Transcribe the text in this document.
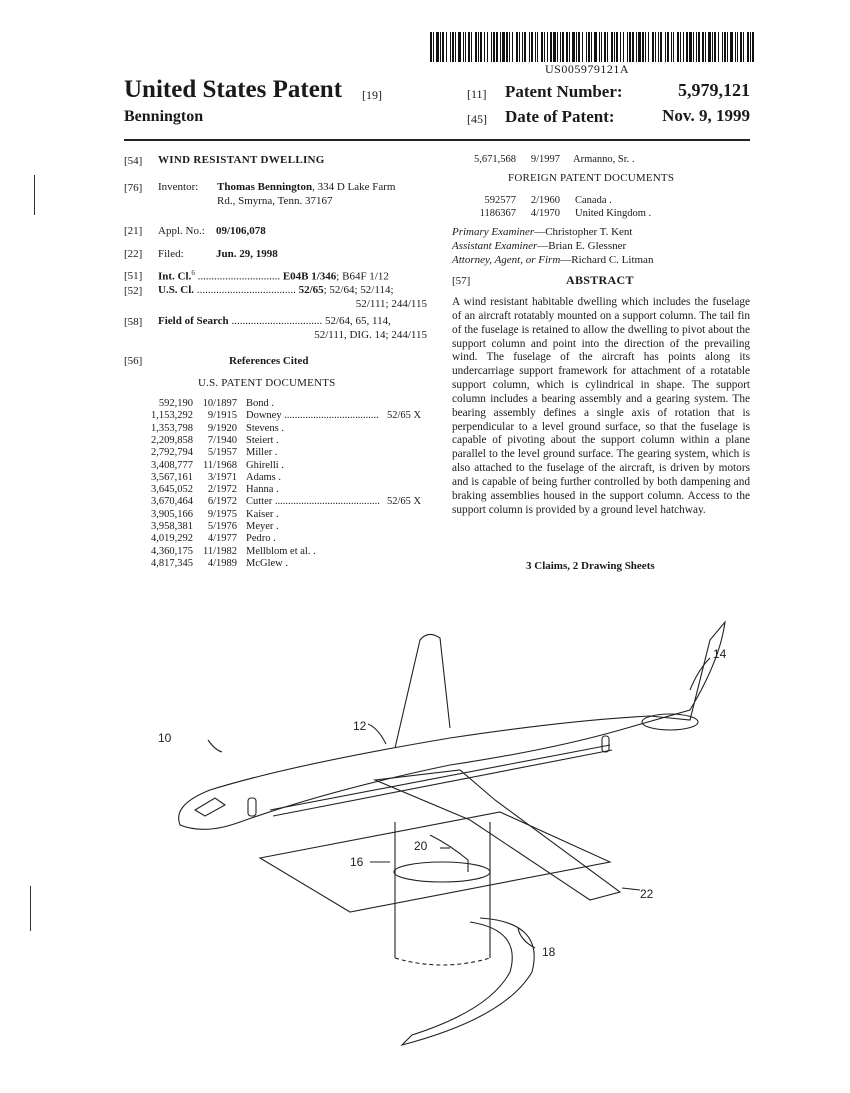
US005979121A
United States Patent [19]
Bennington
[11] Patent Number:	5,979,121
[45] Date of Patent:	Nov. 9, 1999
[54] WIND RESISTANT DWELLING
[76] Inventor: Thomas Bennington, 334 D Lake Farm
Rd., Smyrna, Tenn. 37167
[21] Appl. No.: 09/106,078
[22] Filed:	Jun. 29, 1998
[51] Int. Cl.$^6$ .............................. E04B 1/346; B64F 1/12
[52] U.S. Cl. .................................... 52/65; 52/64; 52/114;
52/111; 244/115
[58] Field of Search ................................. 52/64, 65, 114,
52/111, DIG. 14; 244/115
[56]	References Cited
U.S. PATENT DOCUMENTS
592,190 10/1897 Bond .
1,153,292	9/1915 Downey .................................... 52/65 X
1,353,798	9/1920 Stevens .
2,209,858	7/1940 Steiert .
2,792,794	5/1957 Miller .
3,408,777 11/1968 Ghirelli .
3,567,161	3/1971 Adams .
3,645,052	2/1972 Hanna .
3,670,464	6/1972 Cutter ........................................ 52/65 X
3,905,166	9/1975 Kaiser .
3,958,381	5/1976 Meyer .
4,019,292	4/1977 Pedro .
4,360,175 11/1982 Mellblom et al. .
4,817,345	4/1989 McGlew .
5,671,568	9/1997 Armanno, Sr. .
FOREIGN PATENT DOCUMENTS
592577	2/1960 Canada .
1186367	4/1970 United Kingdom .
Primary Examiner—Christopher T. Kent
Assistant Examiner—Brian E. Glessner
Attorney, Agent, or Firm—Richard C. Litman
[57]	ABSTRACT
A wind resistant habitable dwelling which includes the fuselage of an aircraft rotatably mounted on a support column. The tail fin of the fuselage is retained to allow the dwelling to pivot about the support column and point into the direction of the prevailing wind. The fuselage of the aircraft has points along its undercarriage support framework for attachment of a rotatable support column, which is cylindrical in shape. The support column includes a bearing assembly and a gearing system. The bearing assembly defines a single axis of rotation that is perpendicular to a level ground surface, so that the fuselage is capable of pivoting about the support column within a plane parallel to the level ground surface. The gearing system, which is also attached to the fuselage of the aircraft, is driven by motors and is capable of being further controlled by both dampening and braking assemblies housed in the support column. Access to the support column is provided by a ground level hatchway.
3 Claims, 2 Drawing Sheets
10
12
14
16
18
20
22
